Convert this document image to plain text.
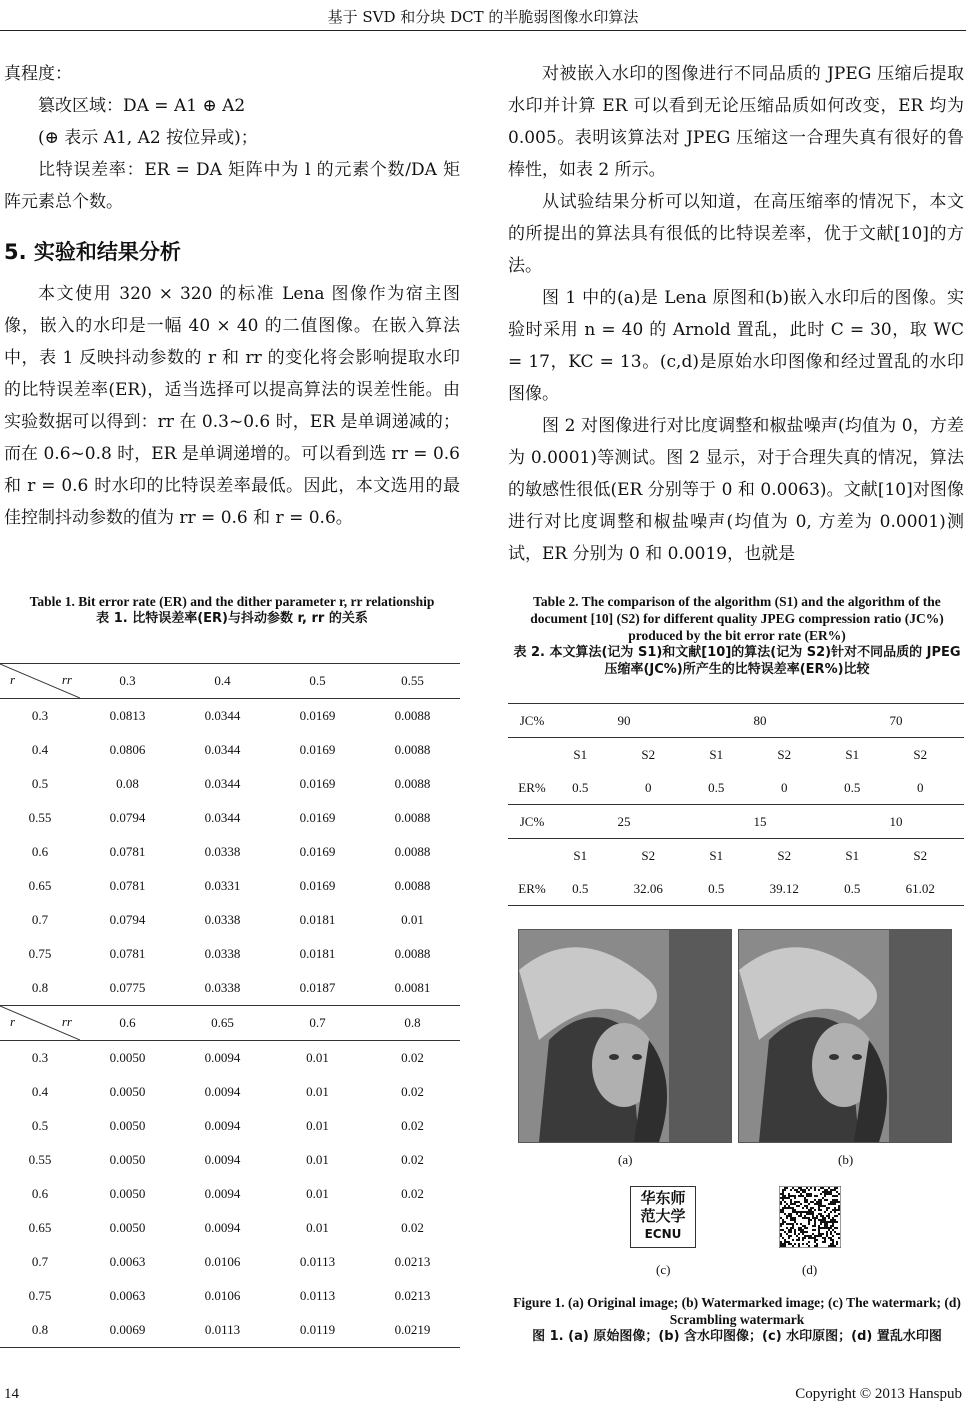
基于 SVD 和分块 DCT 的半脆弱图像水印算法

真程度：

篡改区域：DA = A1 ⊕ A2

(⊕ 表示 A1, A2 按位异或)；

比特误差率：ER = DA 矩阵中为 l 的元素个数/DA 矩阵元素总个数。

5. 实验和结果分析

本文使用 320 × 320 的标准 Lena 图像作为宿主图像，嵌入的水印是一幅 40 × 40 的二值图像。在嵌入算法中，表 1 反映抖动参数的 r 和 rr 的变化将会影响提取水印的比特误差率(ER)，适当选择可以提高算法的误差性能。由实验数据可以得到：rr 在 0.3~0.6 时，ER 是单调递减的；而在 0.6~0.8 时，ER 是单调递增的。可以看到选 rr = 0.6 和 r = 0.6 时水印的比特误差率最低。因此，本文选用的最佳控制抖动参数的值为 rr = 0.6 和 r = 0.6。

Table 1. Bit error rate (ER) and the dither parameter r, rr relationship
表 1. 比特误差率(ER)与抖动参数 r, rr 的关系
r rr	0.3	0.4	0.5	0.55
0.3	0.0813	0.0344	0.0169	0.0088
0.4	0.0806	0.0344	0.0169	0.0088
0.5	0.08	0.0344	0.0169	0.0088
0.55	0.0794	0.0344	0.0169	0.0088
0.6	0.0781	0.0338	0.0169	0.0088
0.65	0.0781	0.0331	0.0169	0.0088
0.7	0.0794	0.0338	0.0181	0.01
0.75	0.0781	0.0338	0.0181	0.0088
0.8	0.0775	0.0338	0.0187	0.0081

r rr	0.6	0.65	0.7	0.8
0.3	0.0050	0.0094	0.01	0.02
0.4	0.0050	0.0094	0.01	0.02
0.5	0.0050	0.0094	0.01	0.02
0.55	0.0050	0.0094	0.01	0.02
0.6	0.0050	0.0094	0.01	0.02
0.65	0.0050	0.0094	0.01	0.02
0.7	0.0063	0.0106	0.0113	0.0213
0.75	0.0063	0.0106	0.0113	0.0213
0.8	0.0069	0.0113	0.0119	0.0219

对被嵌入水印的图像进行不同品质的 JPEG 压缩后提取水印并计算 ER 可以看到无论压缩品质如何改变，ER 均为 0.005。表明该算法对 JPEG 压缩这一合理失真有很好的鲁棒性，如表 2 所示。

从试验结果分析可以知道，在高压缩率的情况下，本文的所提出的算法具有很低的比特误差率，优于文献[10]的方法。

图 1 中的(a)是 Lena 原图和(b)嵌入水印后的图像。实验时采用 n = 40 的 Arnold 置乱，此时 C = 30，取 WC = 17，KC = 13。(c,d)是原始水印图像和经过置乱的水印图像。

图 2 对图像进行对比度调整和椒盐噪声(均值为 0，方差为 0.0001)等测试。图 2 显示，对于合理失真的情况，算法的敏感性很低(ER 分别等于 0 和 0.0063)。文献[10]对图像进行对比度调整和椒盐噪声(均值为 0, 方差为 0.0001)测试，ER 分别为 0 和 0.0019，也就是

Table 2. The comparison of the algorithm (S1) and the algorithm of the document [10] (S2) for different quality JPEG compression ratio (JC%) produced by the bit error rate (ER%)
表 2. 本文算法(记为 S1)和文献[10]的算法(记为 S2)针对不同品质的 JPEG 压缩率(JC%)所产生的比特误差率(ER%)比较
JC%	90		80		70	
	S1	S2	S1	S2	S1	S2
ER%	0.5	0	0.5	0	0.5	0
JC%	25		15		10	
	S1	S2	S1	S2	S1	S2
ER%	0.5	32.06	0.5	39.12	0.5	61.02
(a)	(b)
华东师
范大学
ECNU
(c)	(d)
Figure 1. (a) Original image; (b) Watermarked image; (c) The watermark; (d) Scrambling watermark
图 1. (a) 原始图像；(b) 含水印图像；(c) 水印原图；(d) 置乱水印图
14	Copyright © 2013 Hanspub
